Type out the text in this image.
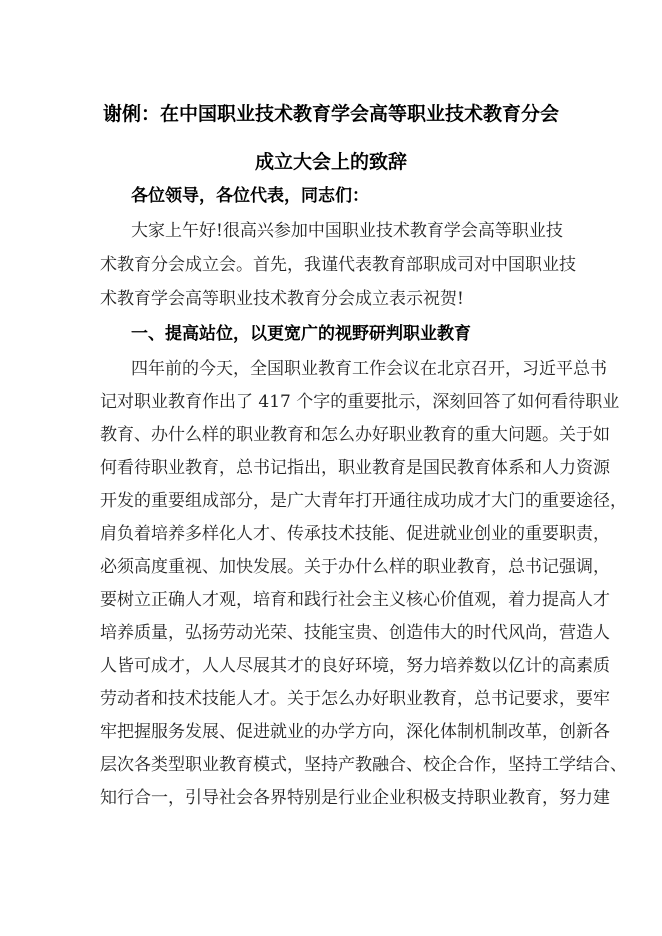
谢俐：在中国职业技术教育学会高等职业技术教育分会
成立大会上的致辞
各位领导，各位代表，同志们：
大家上午好!很高兴参加中国职业技术教育学会高等职业技
术教育分会成立会。首先，我谨代表教育部职成司对中国职业技
术教育学会高等职业技术教育分会成立表示祝贺!
一、提高站位，以更宽广的视野研判职业教育
四年前的今天，全国职业教育工作会议在北京召开，习近平总书
记对职业教育作出了 417 个字的重要批示，深刻回答了如何看待职业
教育、办什么样的职业教育和怎么办好职业教育的重大问题。关于如
何看待职业教育，总书记指出，职业教育是国民教育体系和人力资源
开发的重要组成部分，是广大青年打开通往成功成才大门的重要途径，
肩负着培养多样化人才、传承技术技能、促进就业创业的重要职责，
必须高度重视、加快发展。关于办什么样的职业教育，总书记强调，
要树立正确人才观，培育和践行社会主义核心价值观，着力提高人才
培养质量，弘扬劳动光荣、技能宝贵、创造伟大的时代风尚，营造人
人皆可成才，人人尽展其才的良好环境，努力培养数以亿计的高素质
劳动者和技术技能人才。关于怎么办好职业教育，总书记要求，要牢
牢把握服务发展、促进就业的办学方向，深化体制机制改革，创新各
层次各类型职业教育模式，坚持产教融合、校企合作，坚持工学结合、
知行合一，引导社会各界特别是行业企业积极支持职业教育，努力建
